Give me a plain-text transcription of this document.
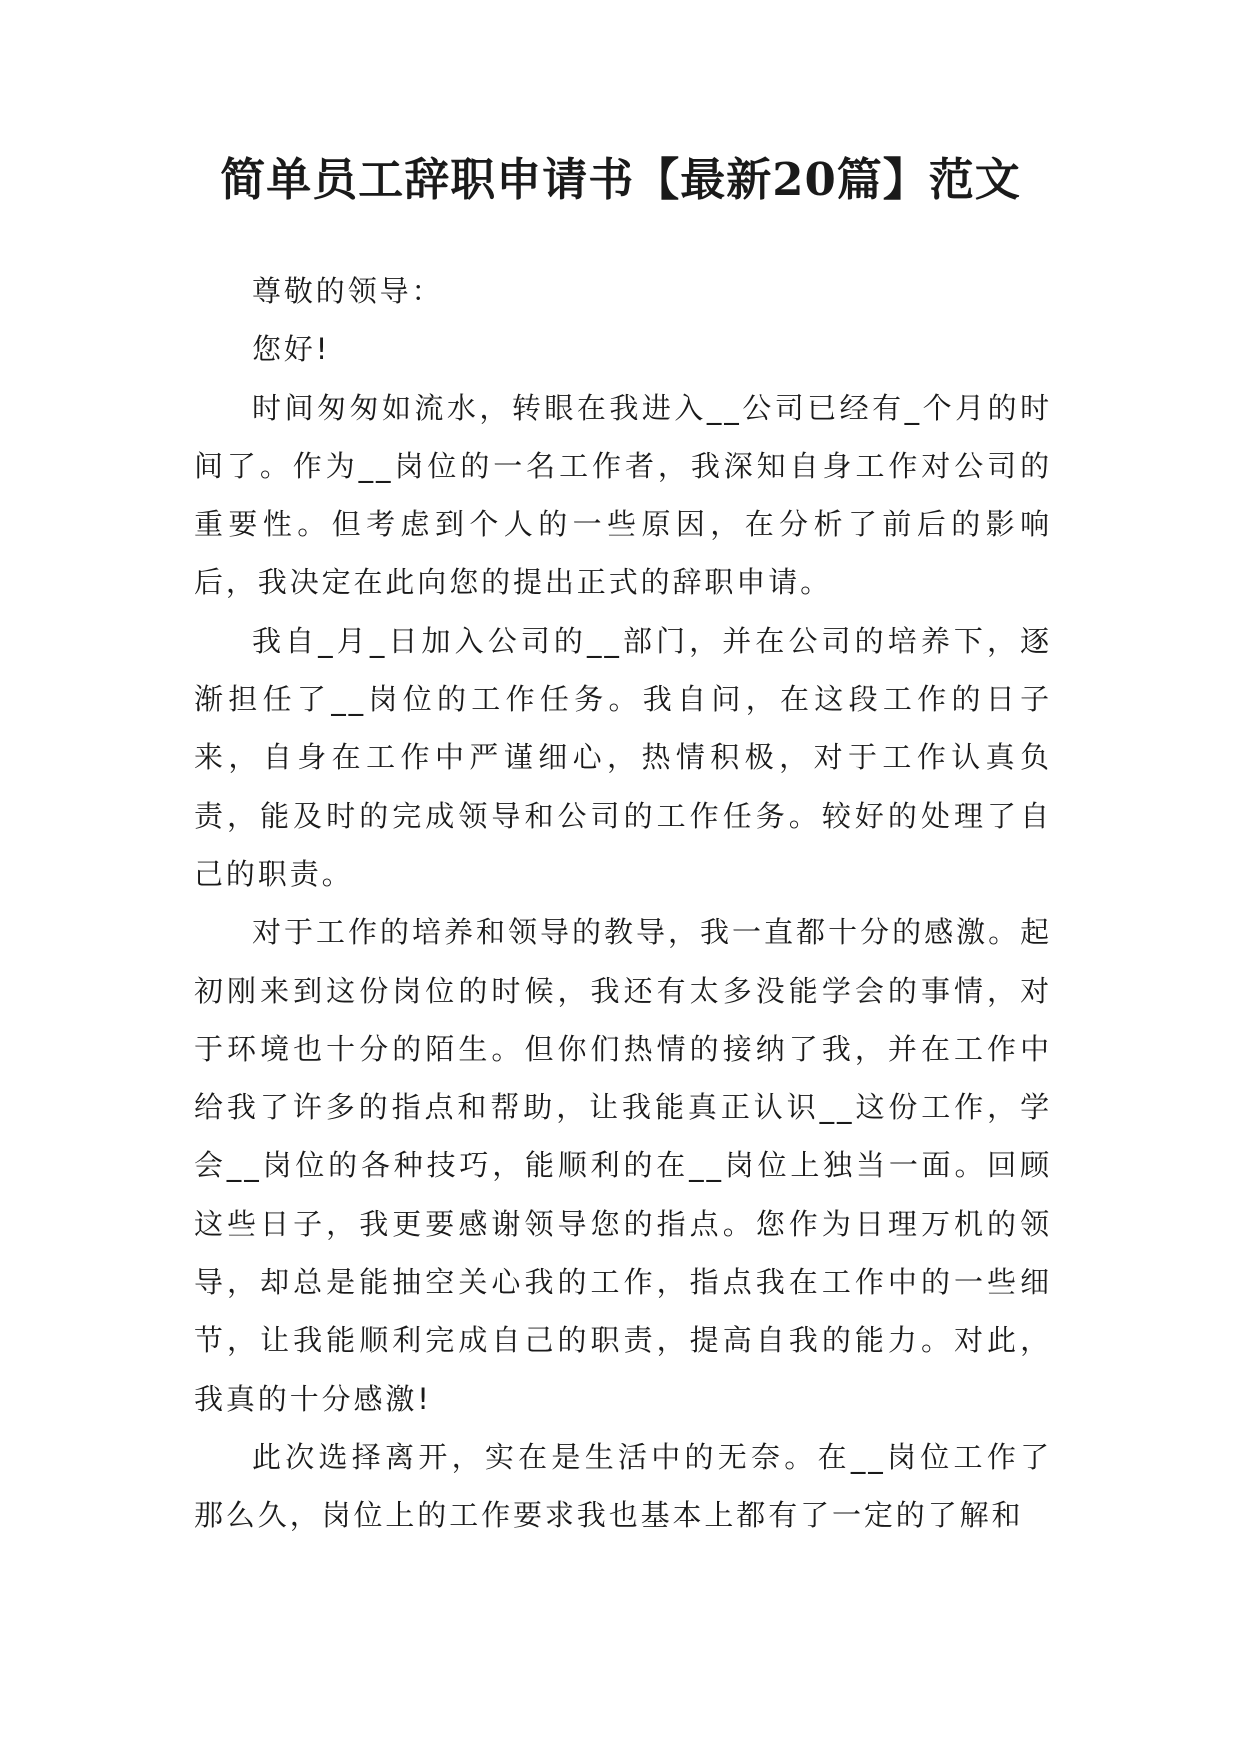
简单员工辞职申请书【最新20篇】范文

尊敬的领导：

您好!

时间匆匆如流水，转眼在我进入__公司已经有_个月的时间了。作为__岗位的一名工作者，我深知自身工作对公司的重要性。但考虑到个人的一些原因，在分析了前后的影响后，我决定在此向您的提出正式的辞职申请。

我自_月_日加入公司的__部门，并在公司的培养下，逐渐担任了__岗位的工作任务。我自问，在这段工作的日子来，自身在工作中严谨细心，热情积极，对于工作认真负责，能及时的完成领导和公司的工作任务。较好的处理了自己的职责。

对于工作的培养和领导的教导，我一直都十分的感激。起初刚来到这份岗位的时候，我还有太多没能学会的事情，对于环境也十分的陌生。但你们热情的接纳了我，并在工作中给我了许多的指点和帮助，让我能真正认识__这份工作，学会__岗位的各种技巧，能顺利的在__岗位上独当一面。回顾这些日子，我更要感谢领导您的指点。您作为日理万机的领导，却总是能抽空关心我的工作，指点我在工作中的一些细节，让我能顺利完成自己的职责，提高自我的能力。对此，我真的十分感激!

此次选择离开，实在是生活中的无奈。在__岗位工作了那么久，岗位上的工作要求我也基本上都有了一定的了解和
